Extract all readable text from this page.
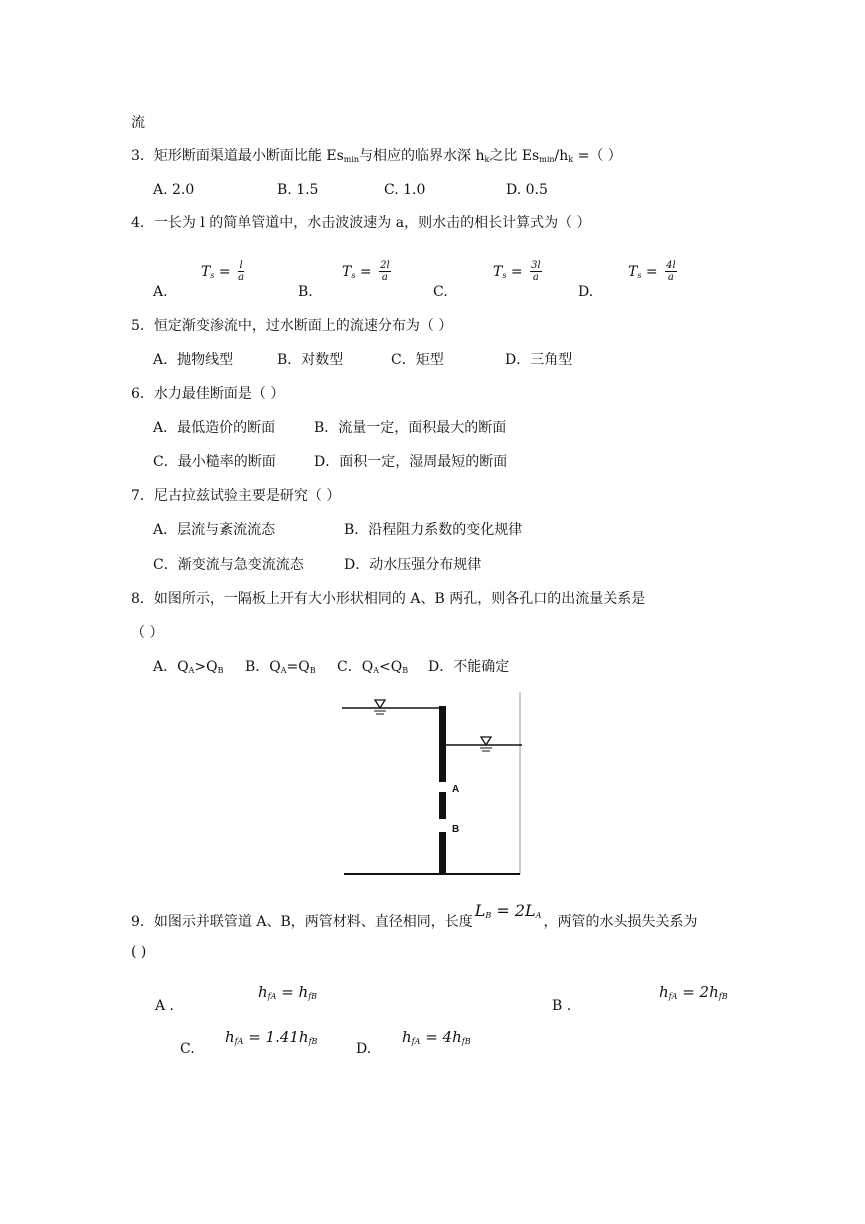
流
3．矩形断面渠道最小断面比能 $Es_{min}$与相应的临界水深 $h_k$之比 $Es_{min}/h_k$ =（ ）
A. 2.0	B. 1.5	C. 1.0	D. 0.5
4．一长为 l 的简单管道中，水击波波速为 a，则水击的相长计算式为（ ）
A.
$T_s = \frac{l}{a}$
B.
$T_s = \frac{2l}{a}$
C.
$T_s = \frac{3l}{a}$
D.
$T_s = \frac{4l}{a}$
5．恒定渐变渗流中，过水断面上的流速分布为（ ）
A．抛物线型	B．对数型	C．矩型	D．三角型
6．水力最佳断面是（ ）
A．最低造价的断面	B．流量一定，面积最大的断面
C．最小糙率的断面	D．面积一定，湿周最短的断面
7．尼古拉兹试验主要是研究（ ）
A．层流与紊流流态	B．沿程阻力系数的变化规律
C．渐变流与急变流流态	D．动水压强分布规律
8．如图所示，一隔板上开有大小形状相同的 A、B 两孔，则各孔口的出流量关系是
（ ）
A．$Q_A>Q_B$ B．$Q_A=Q_B$ C．$Q_A<Q_B$ D．不能确定
A
B
9．如图示并联管道 A、B，两管材料、直径相同，长度$L_B = 2L_A$ ，两管的水头损失关系为
( )
A .
$h_{fA} = h_{fB}$
B .
$h_{fA} = 2h_{fB}$
C.
$h_{fA} = 1.41h_{fB}$	D.
$h_{fA} = 4h_{fB}$
